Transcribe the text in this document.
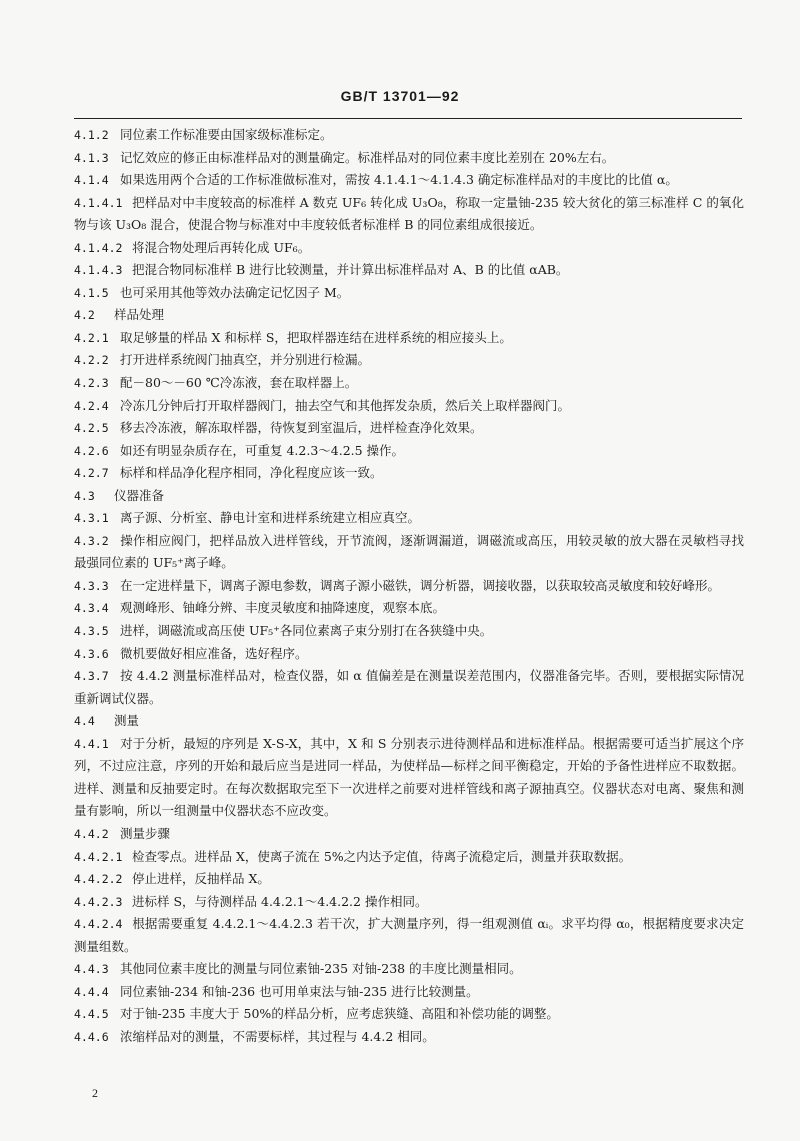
GB/T 13701—92

4.1.2 同位素工作标准要由国家级标准标定。

4.1.3 记忆效应的修正由标准样品对的测量确定。标准样品对的同位素丰度比差别在 20%左右。

4.1.4 如果选用两个合适的工作标准做标准对，需按 4.1.4.1～4.1.4.3 确定标准样品对的丰度比的比值 α。

4.1.4.1 把样品对中丰度较高的标准样 A 数克 UF₆ 转化成 U₃O₈，称取一定量铀-235 较大贫化的第三标准样 C 的氧化物与该 U₃O₈ 混合，使混合物与标准对中丰度较低者标准样 B 的同位素组成很接近。

4.1.4.2 将混合物处理后再转化成 UF₆。

4.1.4.3 把混合物同标准样 B 进行比较测量，并计算出标准样品对 A、B 的比值 αAB。

4.1.5 也可采用其他等效办法确定记忆因子 M。

4.2 样品处理

4.2.1 取足够量的样品 X 和标样 S，把取样器连结在进样系统的相应接头上。

4.2.2 打开进样系统阀门抽真空，并分别进行检漏。

4.2.3 配－80～－60 ℃冷冻液，套在取样器上。

4.2.4 冷冻几分钟后打开取样器阀门，抽去空气和其他挥发杂质，然后关上取样器阀门。

4.2.5 移去冷冻液，解冻取样器，待恢复到室温后，进样检查净化效果。

4.2.6 如还有明显杂质存在，可重复 4.2.3～4.2.5 操作。

4.2.7 标样和样品净化程序相同，净化程度应该一致。

4.3 仪器准备

4.3.1 离子源、分析室、静电计室和进样系统建立相应真空。

4.3.2 操作相应阀门，把样品放入进样管线，开节流阀，逐渐调漏道，调磁流或高压，用较灵敏的放大器在灵敏档寻找最强同位素的 UF₅⁺离子峰。

4.3.3 在一定进样量下，调离子源电参数，调离子源小磁铁，调分析器，调接收器，以获取较高灵敏度和较好峰形。

4.3.4 观测峰形、铀峰分辨、丰度灵敏度和抽降速度，观察本底。

4.3.5 进样，调磁流或高压使 UF₅⁺各同位素离子束分别打在各狭缝中央。

4.3.6 微机要做好相应准备，选好程序。

4.3.7 按 4.4.2 测量标准样品对，检查仪器，如 α 值偏差是在测量误差范围内，仪器准备完毕。否则，要根据实际情况重新调试仪器。

4.4 测量

4.4.1 对于分析，最短的序列是 X-S-X，其中，X 和 S 分别表示进待测样品和进标准样品。根据需要可适当扩展这个序列，不过应注意，序列的开始和最后应当是进同一样品，为使样品—标样之间平衡稳定，开始的予备性进样应不取数据。进样、测量和反抽要定时。在每次数据取完至下一次进样之前要对进样管线和离子源抽真空。仪器状态对电离、聚焦和测量有影响，所以一组测量中仪器状态不应改变。

4.4.2 测量步骤

4.4.2.1 检查零点。进样品 X，使离子流在 5%之内达予定值，待离子流稳定后，测量并获取数据。

4.4.2.2 停止进样，反抽样品 X。

4.4.2.3 进标样 S，与待测样品 4.4.2.1～4.4.2.2 操作相同。

4.4.2.4 根据需要重复 4.4.2.1～4.4.2.3 若干次，扩大测量序列，得一组观测值 αᵢ。求平均得 α₀，根据精度要求决定测量组数。

4.4.3 其他同位素丰度比的测量与同位素铀-235 对铀-238 的丰度比测量相同。

4.4.4 同位素铀-234 和铀-236 也可用单束法与铀-235 进行比较测量。

4.4.5 对于铀-235 丰度大于 50%的样品分析，应考虑狭缝、高阻和补偿功能的调整。

4.4.6 浓缩样品对的测量，不需要标样，其过程与 4.4.2 相同。

2
